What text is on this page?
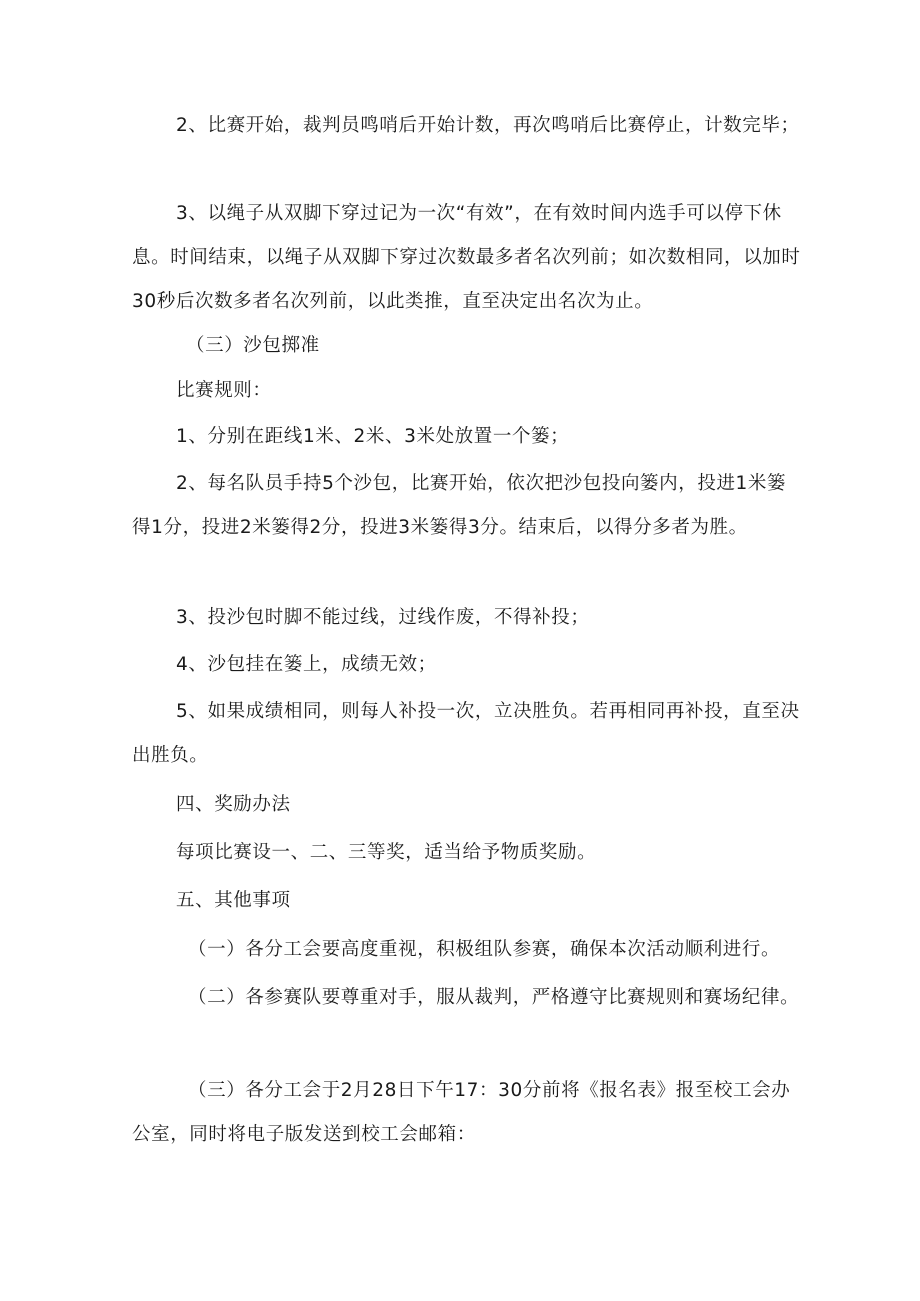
2、比赛开始，裁判员鸣哨后开始计数，再次鸣哨后比赛停止，计数完毕；

3、以绳子从双脚下穿过记为一次“有效”，在有效时间内选手可以停下休息。时间结束，以绳子从双脚下穿过次数最多者名次列前；如次数相同，以加时30秒后次数多者名次列前，以此类推，直至决定出名次为止。

（三）沙包掷准

比赛规则：

1、分别在距线1米、2米、3米处放置一个篓；

2、每名队员手持5个沙包，比赛开始，依次把沙包投向篓内，投进1米篓得1分，投进2米篓得2分，投进3米篓得3分。结束后，以得分多者为胜。

3、投沙包时脚不能过线，过线作废，不得补投；

4、沙包挂在篓上，成绩无效；

5、如果成绩相同，则每人补投一次，立决胜负。若再相同再补投，直至决出胜负。

四、奖励办法

每项比赛设一、二、三等奖，适当给予物质奖励。

五、其他事项

（一）各分工会要高度重视，积极组队参赛，确保本次活动顺利进行。

（二）各参赛队要尊重对手，服从裁判，严格遵守比赛规则和赛场纪律。

（三）各分工会于2月28日下午17：30分前将《报名表》报至校工会办公室，同时将电子版发送到校工会邮箱：
